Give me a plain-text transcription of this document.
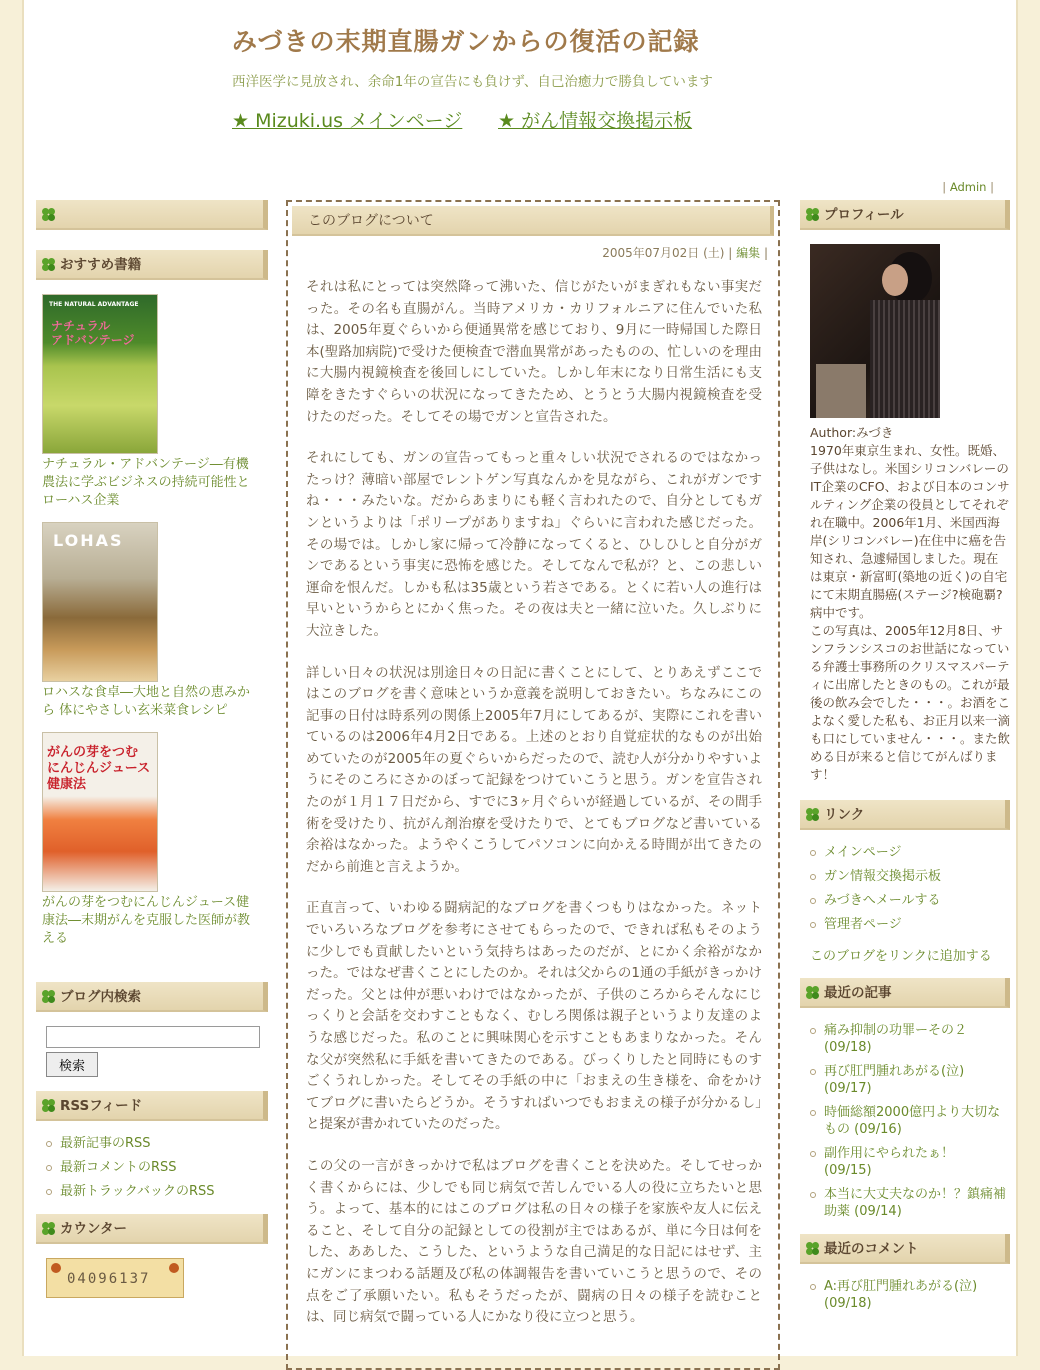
みづきの末期直腸ガンからの復活の記録
西洋医学に見放され、余命1年の宣告にも負けず、自己治癒力で勝負しています
★ Mizuki.us メインページ ★ がん情報交換掲示板
| Admin |
おすすめ書籍
THE NATURAL ADVANTAGE
ナチュラル
アドバンテージ
ナチュラル・アドバンテージ―有機農法に学ぶビジネスの持続可能性とローハス企業
LOHAS
ロハスな食卓―大地と自然の恵みから 体にやさしい玄米菜食レシピ
がんの芽をつむ
にんじんジュース
健康法
がんの芽をつむにんじんジュース健康法―末期がんを克服した医師が教える
ブログ内検索
検索
RSSフィード
最新記事のRSS
最新コメントのRSS
最新トラックバックのRSS
カウンター
04096137
このブログについて
2005年07月02日 (土) | 編集 |

それは私にとっては突然降って沸いた、信じがたいがまぎれもない事実だった。その名も直腸がん。当時アメリカ・カリフォルニアに住んでいた私は、2005年夏ぐらいから便通異常を感じており、9月に一時帰国した際日本(聖路加病院)で受けた便検査で潜血異常があったものの、忙しいのを理由に大腸内視鏡検査を後回しにしていた。しかし年末になり日常生活にも支障をきたすぐらいの状況になってきたため、とうとう大腸内視鏡検査を受けたのだった。そしてその場でガンと宣告された。

それにしても、ガンの宣告ってもっと重々しい状況でされるのではなかったっけ？薄暗い部屋でレントゲン写真なんかを見ながら、これがガンですね・・・みたいな。だからあまりにも軽く言われたので、自分としてもガンというよりは「ポリープがありますね」ぐらいに言われた感じだった。その場では。しかし家に帰って冷静になってくると、ひしひしと自分がガンであるという事実に恐怖を感じた。そしてなんで私が？と、この悲しい運命を恨んだ。しかも私は35歳という若さである。とくに若い人の進行は早いというからとにかく焦った。その夜は夫と一緒に泣いた。久しぶりに大泣きした。

詳しい日々の状況は別途日々の日記に書くことにして、とりあえずここではこのブログを書く意味というか意義を説明しておきたい。ちなみにこの記事の日付は時系列の関係上2005年7月にしてあるが、実際にこれを書いているのは2006年4月2日である。上述のとおり自覚症状的なものが出始めていたのが2005年の夏ぐらいからだったので、読む人が分かりやすいようにそのころにさかのぼって記録をつけていこうと思う。ガンを宣告されたのが１月１７日だから、すでに3ヶ月ぐらいが経過しているが、その間手術を受けたり、抗がん剤治療を受けたりで、とてもブログなど書いている余裕はなかった。ようやくこうしてパソコンに向かえる時間が出てきたのだから前進と言えようか。

正直言って、いわゆる闘病記的なブログを書くつもりはなかった。ネットでいろいろなブログを参考にさせてもらったので、できれば私もそのように少しでも貢献したいという気持ちはあったのだが、とにかく余裕がなかった。ではなぜ書くことにしたのか。それは父からの1通の手紙がきっかけだった。父とは仲が悪いわけではなかったが、子供のころからそんなにじっくりと会話を交わすこともなく、むしろ関係は親子というより友達のような感じだった。私のことに興味関心を示すこともあまりなかった。そんな父が突然私に手紙を書いてきたのである。びっくりしたと同時にものすごくうれしかった。そしてその手紙の中に「おまえの生き様を、命をかけてブログに書いたらどうか。そうすればいつでもおまえの様子が分かるし」と提案が書かれていたのだった。

この父の一言がきっかけで私はブログを書くことを決めた。そしてせっかく書くからには、少しでも同じ病気で苦しんでいる人の役に立ちたいと思う。よって、基本的にはこのブログは私の日々の様子を家族や友人に伝えること、そして自分の記録としての役割が主ではあるが、単に今日は何をした、ああした、こうした、というような自己満足的な日記にはせず、主にガンにまつわる話題及び私の体調報告を書いていこうと思うので、その点をご了承願いたい。私もそうだったが、闘病の日々の様子を読むことは、同じ病気で闘っている人にかなり役に立つと思う。

プロフィール
Author:みづき
1970年東京生まれ、女性。既婚、子供はなし。米国シリコンバレーのIT企業のCFO、および日本のコンサルティング企業の役員としてそれぞれ在職中。2006年1月、米国西海岸(シリコンバレー)在住中に癌を告知され、急遽帰国しました。現在は東京・新富町(築地の近く)の自宅にて末期直腸癌(ステージ?検砲覇?病中です。
この写真は、2005年12月8日、サンフランシスコのお世話になっている弁護士事務所のクリスマスパーティに出席したときのもの。これが最後の飲み会でした・・・。お酒をこよなく愛した私も、お正月以来一滴も口にしていません・・・。また飲める日が来ると信じてがんばります！
リンク
メインページ
ガン情報交換掲示板
みづきへメールする
管理者ページ
このブログをリンクに追加する
最近の記事
痛み抑制の功罪ーその２
(09/18)
再び肛門腫れあがる(泣)
(09/17)
時価総額2000億円より大切なもの (09/16)
副作用にやられたぁ！
(09/15)
本当に大丈夫なのか！？鎮痛補助薬 (09/14)
最近のコメント
A:再び肛門腫れあがる(泣)
(09/18)
